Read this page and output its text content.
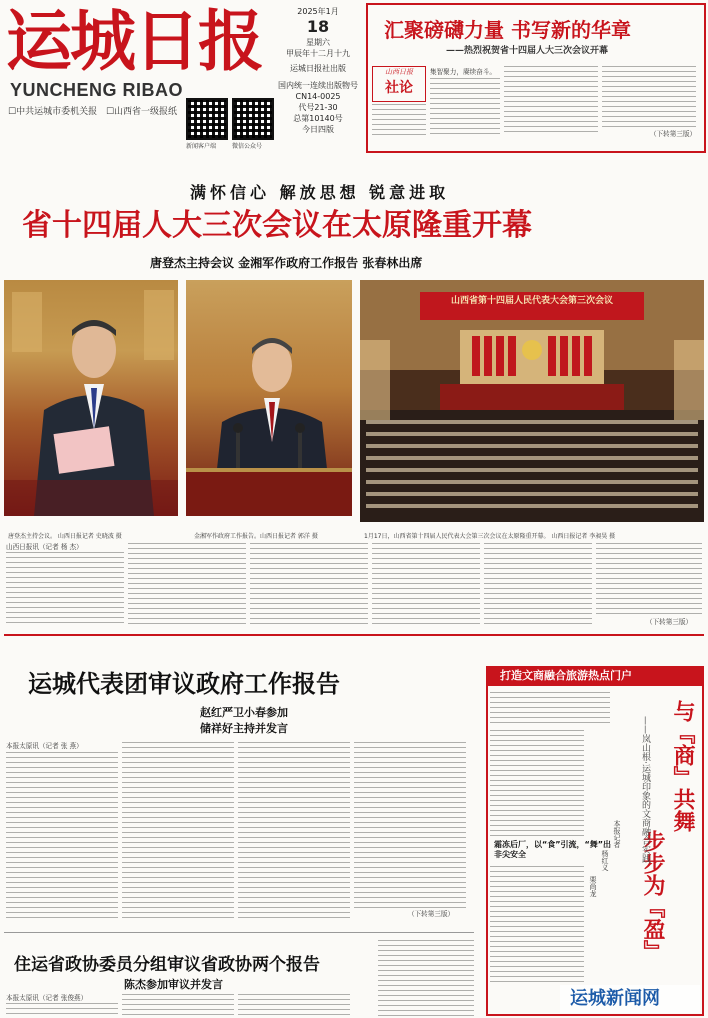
运城日报
YUNCHENG RIBAO
☐中共运城市委机关报 ☐山西省一级报纸
新闻客户端	微信公众号
2025年1月
18
星期六
甲辰年十二月十九
运城日报社出版
国内统一连续出版物号
CN14-0025
代号21-30
总第10140号
今日四版
汇聚磅礴力量 书写新的华章
——热烈祝贺省十四届人大三次会议开幕
山西日报
社论
集智聚力，赓续奋斗。
（下转第三版）
满怀信心 解放思想 锐意进取
省十四届人大三次会议在太原隆重开幕
唐登杰主持会议 金湘军作政府工作报告 张春林出席
唐登杰主持会议。 山西日报记者 史晓波 摄	金湘军作政府工作报告。山西日报记者 郭洋 摄
山西省第十四届人民代表大会第三次会议
1月17日，山西省第十四届人民代表大会第三次会议在太原隆重开幕。 山西日报记者 李昶昊 摄
山西日报讯（记者 杨 杰）
（下转第三版）
运城代表团审议政府工作报告
赵红严卫小春参加
储祥好主持并发言
本报太原讯（记者 张 燕）
（下转第三版）
住运省政协委员分组审议省政协两个报告
陈杰参加审议并发言
本报太原讯（记者 张俊燕）
打造文商融合旅游热点门户
与『商』共舞
步步为『盈』
——岚山根·运城印象的文商融合实践
本报记者
杨红义
栗尚龙
霜冻后厂，以“食”引流，“舞”出非尖安全
运城新闻网
